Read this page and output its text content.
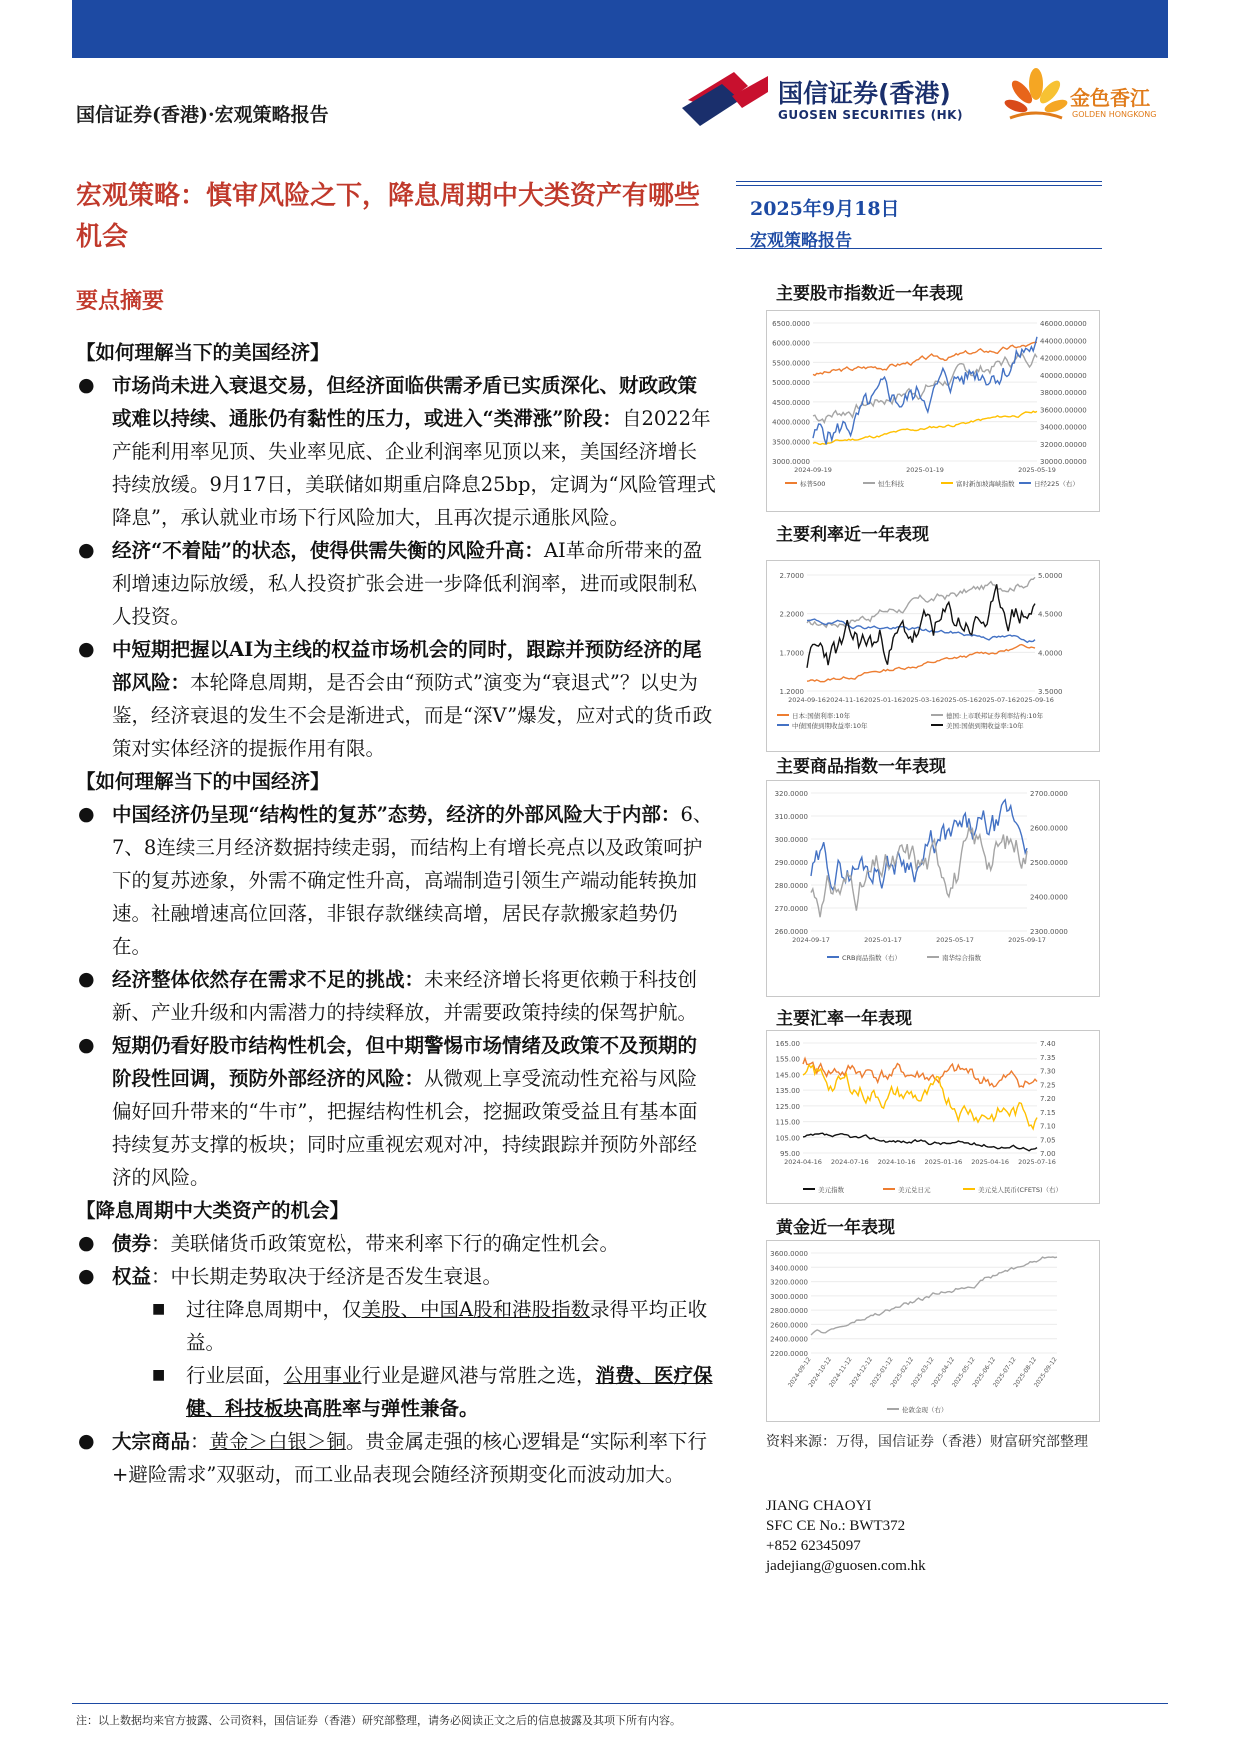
国信证券(香港)·宏观策略报告
国信证券(香港)
GUOSEN SECURITIES (HK)
金色香江
GOLDEN HONGKONG
宏观策略：慎审风险之下，降息周期中大类资产有哪些机会
2025年9月18日
宏观策略报告
要点摘要

【如何理解当下的美国经济】

● 市场尚未进入衰退交易，但经济面临供需矛盾已实质深化、财政政策或难以持续、通胀仍有黏性的压力，或进入“类滞涨”阶段：自2022年产能利用率见顶、失业率见底、企业利润率见顶以来，美国经济增长持续放缓。9月17日，美联储如期重启降息25bp，定调为“风险管理式降息”，承认就业市场下行风险加大，且再次提示通胀风险。

● 经济“不着陆”的状态，使得供需失衡的风险升高：AI革命所带来的盈利增速边际放缓，私人投资扩张会进一步降低利润率，进而或限制私人投资。

● 中短期把握以AI为主线的权益市场机会的同时，跟踪并预防经济的尾部风险：本轮降息周期，是否会由“预防式”演变为“衰退式”？以史为鉴，经济衰退的发生不会是渐进式，而是“深V”爆发，应对式的货币政策对实体经济的提振作用有限。

【如何理解当下的中国经济】

● 中国经济仍呈现“结构性的复苏”态势，经济的外部风险大于内部：6、7、8连续三月经济数据持续走弱，而结构上有增长亮点以及政策呵护下的复苏迹象，外需不确定性升高，高端制造引领生产端动能转换加速。社融增速高位回落，非银存款继续高增，居民存款搬家趋势仍在。

● 经济整体依然存在需求不足的挑战：未来经济增长将更依赖于科技创新、产业升级和内需潜力的持续释放，并需要政策持续的保驾护航。

● 短期仍看好股市结构性机会，但中期警惕市场情绪及政策不及预期的阶段性回调，预防外部经济的风险：从微观上享受流动性充裕与风险偏好回升带来的“牛市”，把握结构性机会，挖掘政策受益且有基本面持续复苏支撑的板块；同时应重视宏观对冲，持续跟踪并预防外部经济的风险。

【降息周期中大类资产的机会】

● 债券：美联储货币政策宽松，带来利率下行的确定性机会。

● 权益：中长期走势取决于经济是否发生衰退。

■ 过往降息周期中，仅美股、中国A股和港股指数录得平均正收益。

■ 行业层面，公用事业行业是避风港与常胜之选，消费、医疗保健、科技板块高胜率与弹性兼备。

● 大宗商品：黄金＞白银＞铜。贵金属走强的核心逻辑是“实际利率下行+避险需求”双驱动，而工业品表现会随经济预期变化而波动加大。

主要股市指数近一年表现
6500.0000
6000.0000
5500.0000
5000.0000
4500.0000
4000.0000
3500.0000
3000.0000
46000.00000
44000.00000
42000.00000
40000.00000
38000.00000
36000.00000
34000.00000
32000.00000
30000.00000
2024-09-19	2025-01-19	2025-05-19
标普500	恒生科技	富时新加坡海峡指数	日经225（右）
主要利率近一年表现
2.7000
2.2000
1.7000
1.2000
5.0000
4.5000
4.0000
3.5000
2024-09-16 2024-11-16 2025-01-16 2025-03-16 2025-05-16 2025-07-16 2025-09-16
日本:国债利率:10年	德国:上市联邦证券利率结构:10年
中债国债到期收益率:10年	美国:国债到期收益率:10年
主要商品指数一年表现
320.0000
310.0000
300.0000
290.0000
280.0000
270.0000
260.0000
2700.0000
2600.0000
2500.0000
2400.0000
2300.0000
2024-09-17	2025-01-17	2025-05-17	2025-09-17
CRB商品指数（右）	南华综合指数
主要汇率一年表现
165.00
155.00
145.00
135.00
125.00
115.00
105.00
95.00
7.40
7.35
7.30
7.25
7.20
7.15
7.10
7.05
7.00
2024-04-16 2024-07-16 2024-10-16 2025-01-16 2025-04-16 2025-07-16
美元指数	美元兑日元	美元兑人民币(CFETS)（右）
黄金近一年表现
3600.0000
3400.0000
3200.0000
3000.0000
2800.0000
2600.0000
2400.0000
2200.0000
2024-09-12
2024-10-12
2024-11-12
2024-12-12
2025-01-12
2025-02-12
2025-03-12
2025-04-12
2025-05-12
2025-06-12
2025-07-12
2025-08-12
2025-09-12
伦敦金现（右）
资料来源：万得，国信证券（香港）财富研究部整理
JIANG CHAOYI
SFC CE No.: BWT372
+852 62345097
jadejiang@guosen.com.hk
注：以上数据均来官方披露、公司资料，国信证券（香港）研究部整理，请务必阅读正文之后的信息披露及其项下所有内容。
